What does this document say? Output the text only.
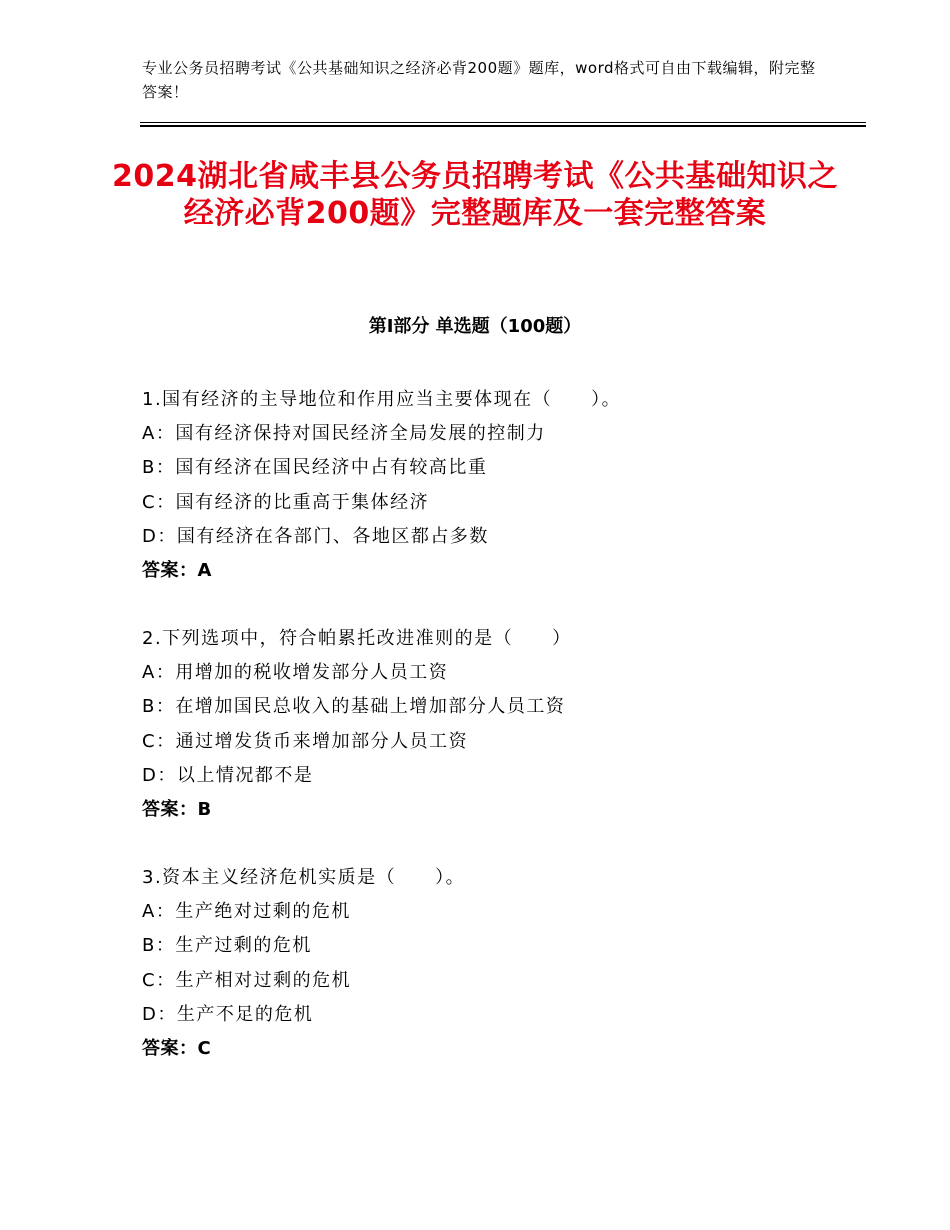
专业公务员招聘考试《公共基础知识之经济必背200题》题库，word格式可自由下载编辑，附完整答案！
2024湖北省咸丰县公务员招聘考试《公共基础知识之经济必背200题》完整题库及一套完整答案
第Ⅰ部分 单选题（100题）
1.国有经济的主导地位和作用应当主要体现在（　　）。
A：国有经济保持对国民经济全局发展的控制力
B：国有经济在国民经济中占有较高比重
C：国有经济的比重高于集体经济
D：国有经济在各部门、各地区都占多数
答案：A
2.下列选项中，符合帕累托改进准则的是（　　）
A：用增加的税收增发部分人员工资
B：在增加国民总收入的基础上增加部分人员工资
C：通过增发货币来增加部分人员工资
D：以上情况都不是
答案：B
3.资本主义经济危机实质是（　　）。
A：生产绝对过剩的危机
B：生产过剩的危机
C：生产相对过剩的危机
D：生产不足的危机
答案：C
